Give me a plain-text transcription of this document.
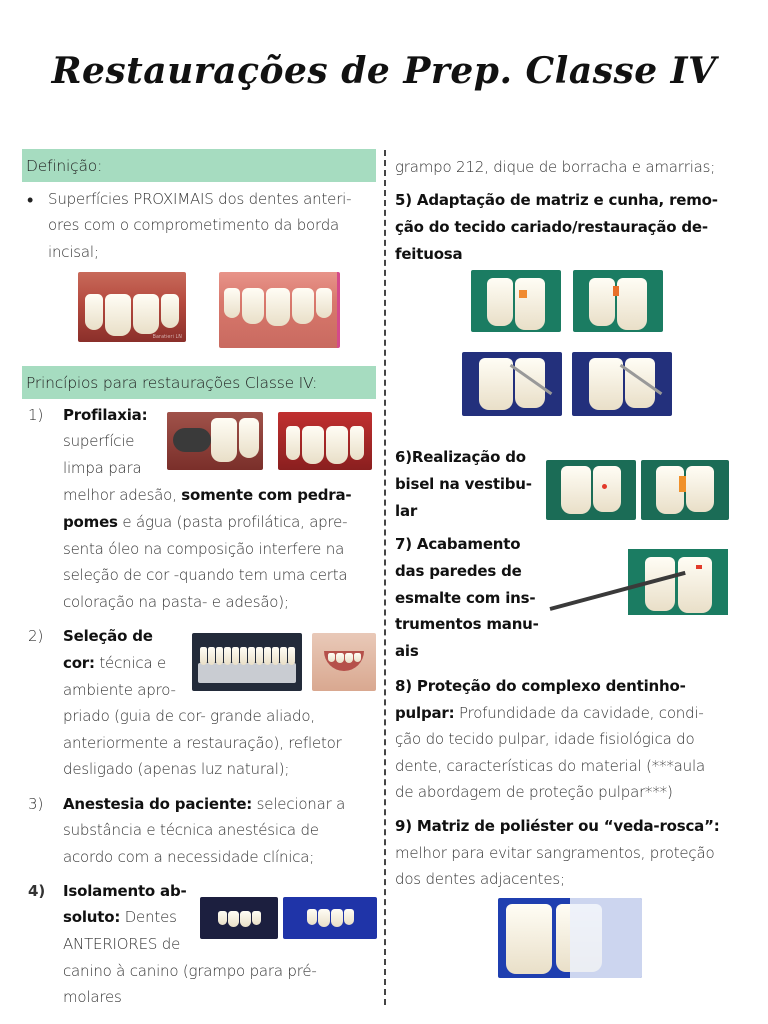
Restaurações de Prep. Classe IV
Definição:
• Superfícies PROXIMAIS dos dentes anteri-
ores com o comprometimento da borda
incisal;
Baratieri LN
Princípios para restaurações Classe IV:
1) Profilaxia:
superfície
limpa para
melhor adesão, somente com pedra-
pomes e água (pasta profilática, apre-
senta óleo na composição interfere na
seleção de cor -quando tem uma certa
coloração na pasta- e adesão);
2) Seleção de
cor: técnica e
ambiente apro-
priado (guia de cor- grande aliado,
anteriormente a restauração), refletor
desligado (apenas luz natural);
3) Anestesia do paciente: selecionar a
substância e técnica anestésica de
acordo com a necessidade clínica;
4) Isolamento ab-
soluto: Dentes
ANTERIORES de
canino à canino (grampo para pré-
molares
grampo 212, dique de borracha e amarrias;
5) Adaptação de matriz e cunha, remo-
ção do tecido cariado/restauração de-
feituosa
6)Realização do
bisel na vestibu-
lar
7) Acabamento
das paredes de
esmalte com ins-
trumentos manu-
ais
8) Proteção do complexo dentinho-
pulpar: Profundidade da cavidade, condi-
ção do tecido pulpar, idade fisiológica do
dente, características do material (***aula
de abordagem de proteção pulpar***)
9) Matriz de poliéster ou “veda-rosca”:
melhor para evitar sangramentos, proteção
dos dentes adjacentes;
